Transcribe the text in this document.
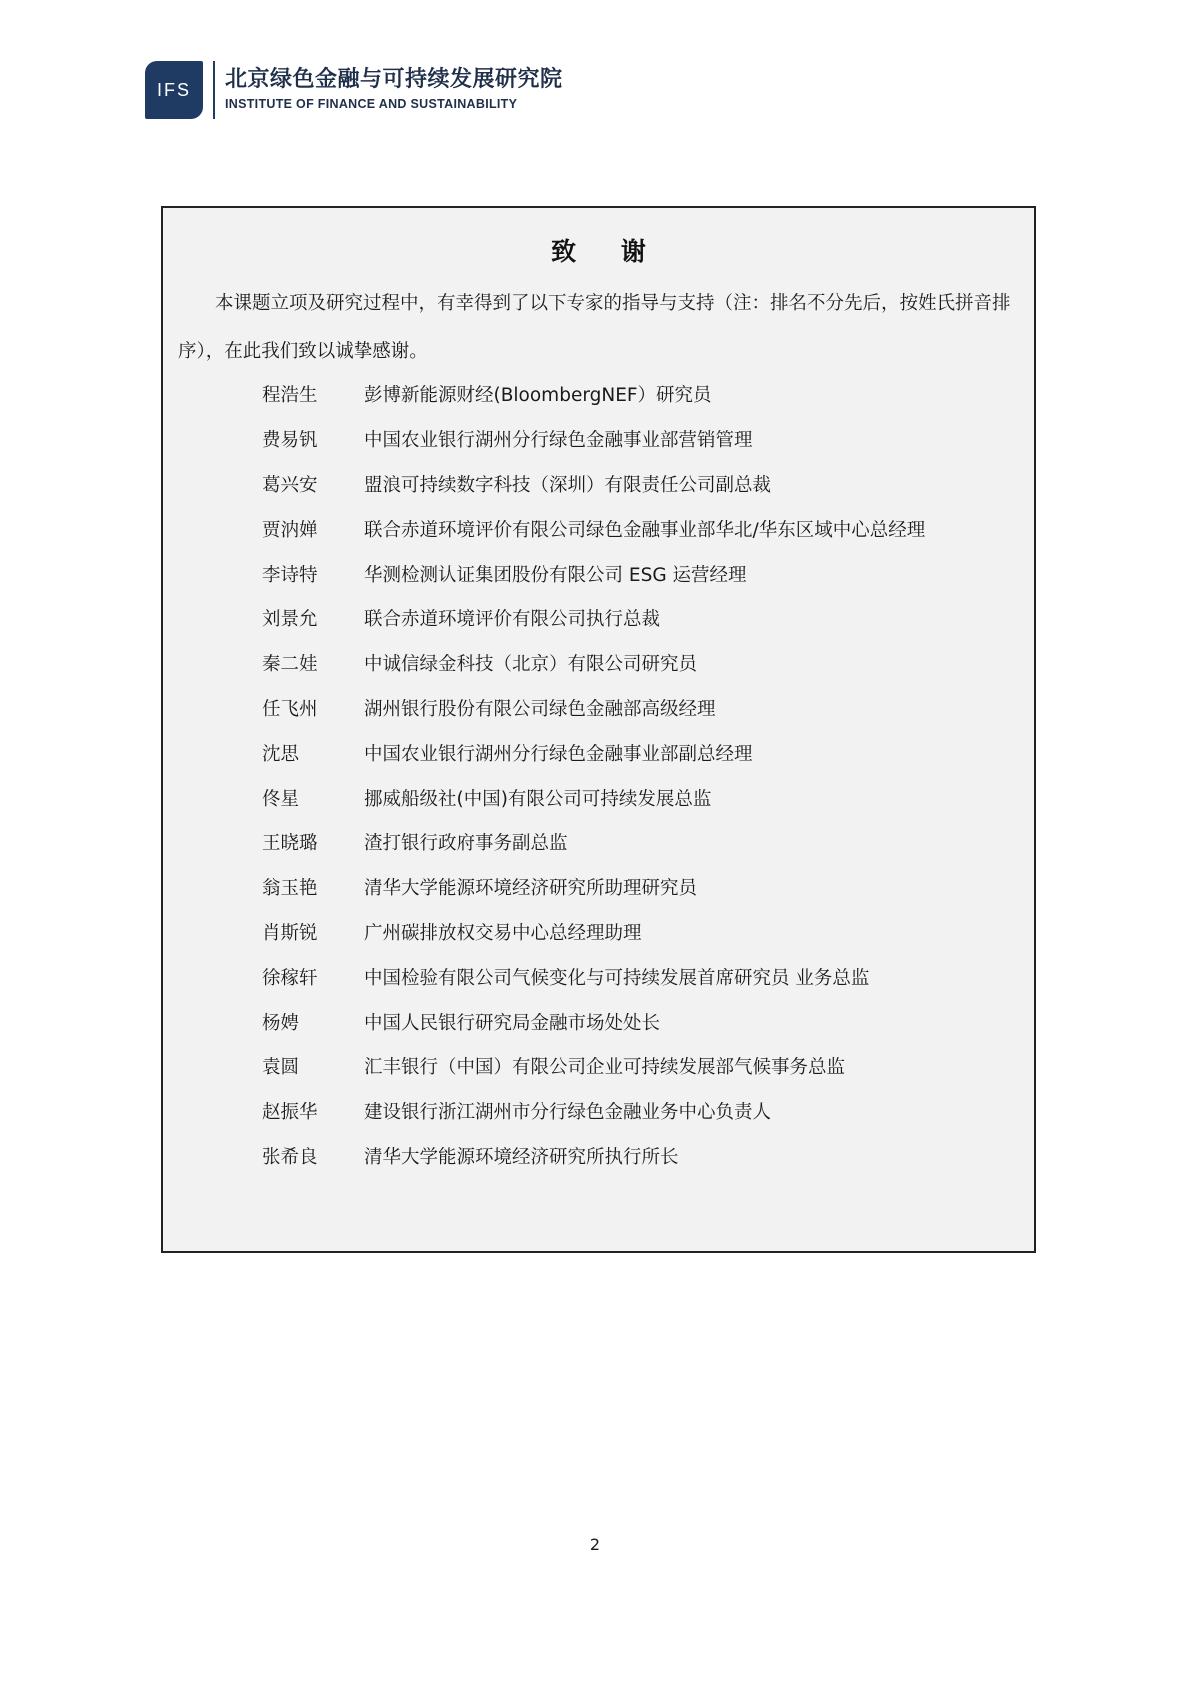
IFS 北京绿色金融与可持续发展研究院
INSTITUTE OF FINANCE AND SUSTAINABILITY
致 谢
本课题立项及研究过程中，有幸得到了以下专家的指导与支持（注：排名不分先后，按姓氏拼音排序），在此我们致以诚挚感谢。
程浩生	彭博新能源财经(BloombergNEF）研究员
费易钒	中国农业银行湖州分行绿色金融事业部营销管理
葛兴安	盟浪可持续数字科技（深圳）有限责任公司副总裁
贾汭婵	联合赤道环境评价有限公司绿色金融事业部华北/华东区域中心总经理
李诗特	华测检测认证集团股份有限公司 ESG 运营经理
刘景允	联合赤道环境评价有限公司执行总裁
秦二娃	中诚信绿金科技（北京）有限公司研究员
任飞州	湖州银行股份有限公司绿色金融部高级经理
沈思	中国农业银行湖州分行绿色金融事业部副总经理
佟星	挪威船级社(中国)有限公司可持续发展总监
王晓璐	渣打银行政府事务副总监
翁玉艳	清华大学能源环境经济研究所助理研究员
肖斯锐	广州碳排放权交易中心总经理助理
徐稼轩	中国检验有限公司气候变化与可持续发展首席研究员 业务总监
杨娉	中国人民银行研究局金融市场处处长
袁圆	汇丰银行（中国）有限公司企业可持续发展部气候事务总监
赵振华	建设银行浙江湖州市分行绿色金融业务中心负责人
张希良	清华大学能源环境经济研究所执行所长
2
